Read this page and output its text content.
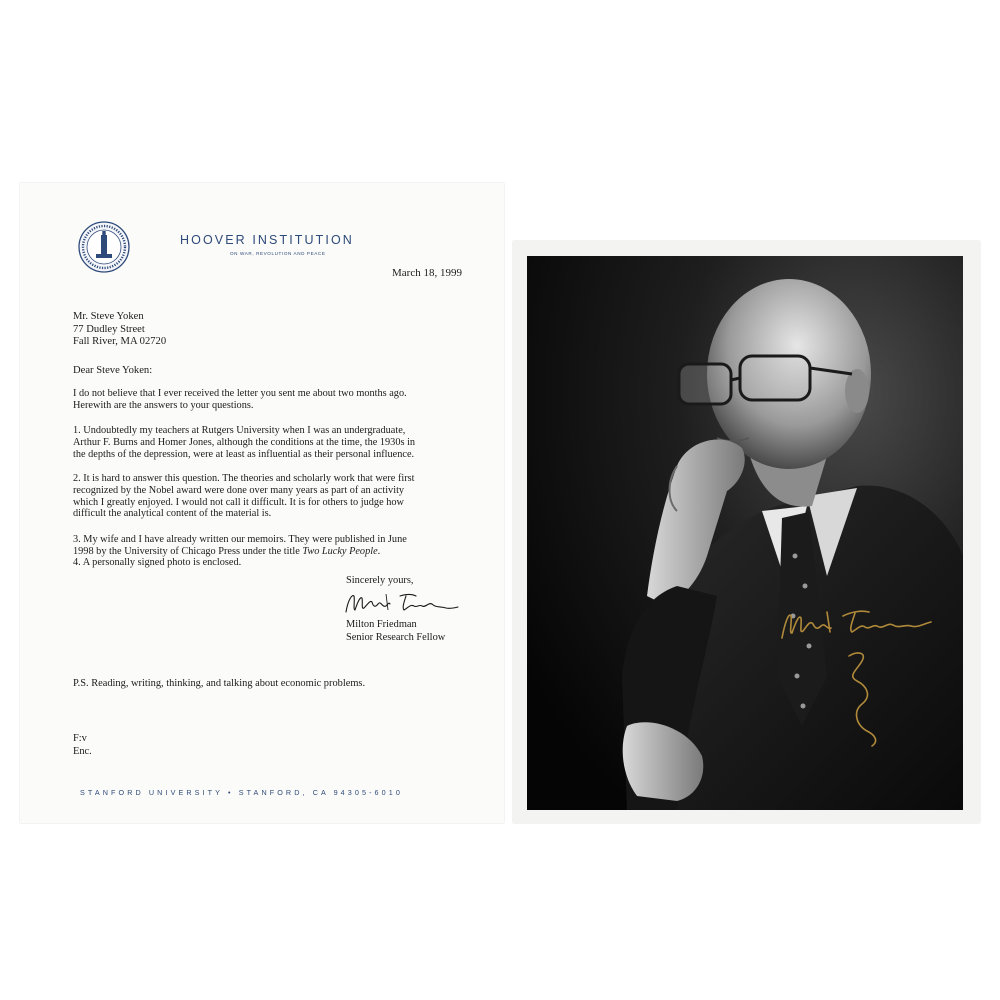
HOOVER INSTITUTION
ON WAR, REVOLUTION AND PEACE
March 18, 1999
Mr. Steve Yoken
77 Dudley Street
Fall River, MA 02720
Dear Steve Yoken:

I do not believe that I ever received the letter you sent me about two months ago.

Herewith are the answers to your questions.

1. Undoubtedly my teachers at Rutgers University when I was an undergraduate,

Arthur F. Burns and Homer Jones, although the conditions at the time, the 1930s in

the depths of the depression, were at least as influential as their personal influence.

2. It is hard to answer this question. The theories and scholarly work that were first

recognized by the Nobel award were done over many years as part of an activity

which I greatly enjoyed. I would not call it difficult. It is for others to judge how

difficult the analytical content of the material is.

3. My wife and I have already written our memoirs. They were published in June

1998 by the University of Chicago Press under the title Two Lucky People.

4. A personally signed photo is enclosed.

Sincerely yours,
Milton Friedman
Senior Research Fellow
P.S. Reading, writing, thinking, and talking about economic problems.
F:v
Enc.
STANFORD UNIVERSITY • STANFORD, CA 94305-6010
